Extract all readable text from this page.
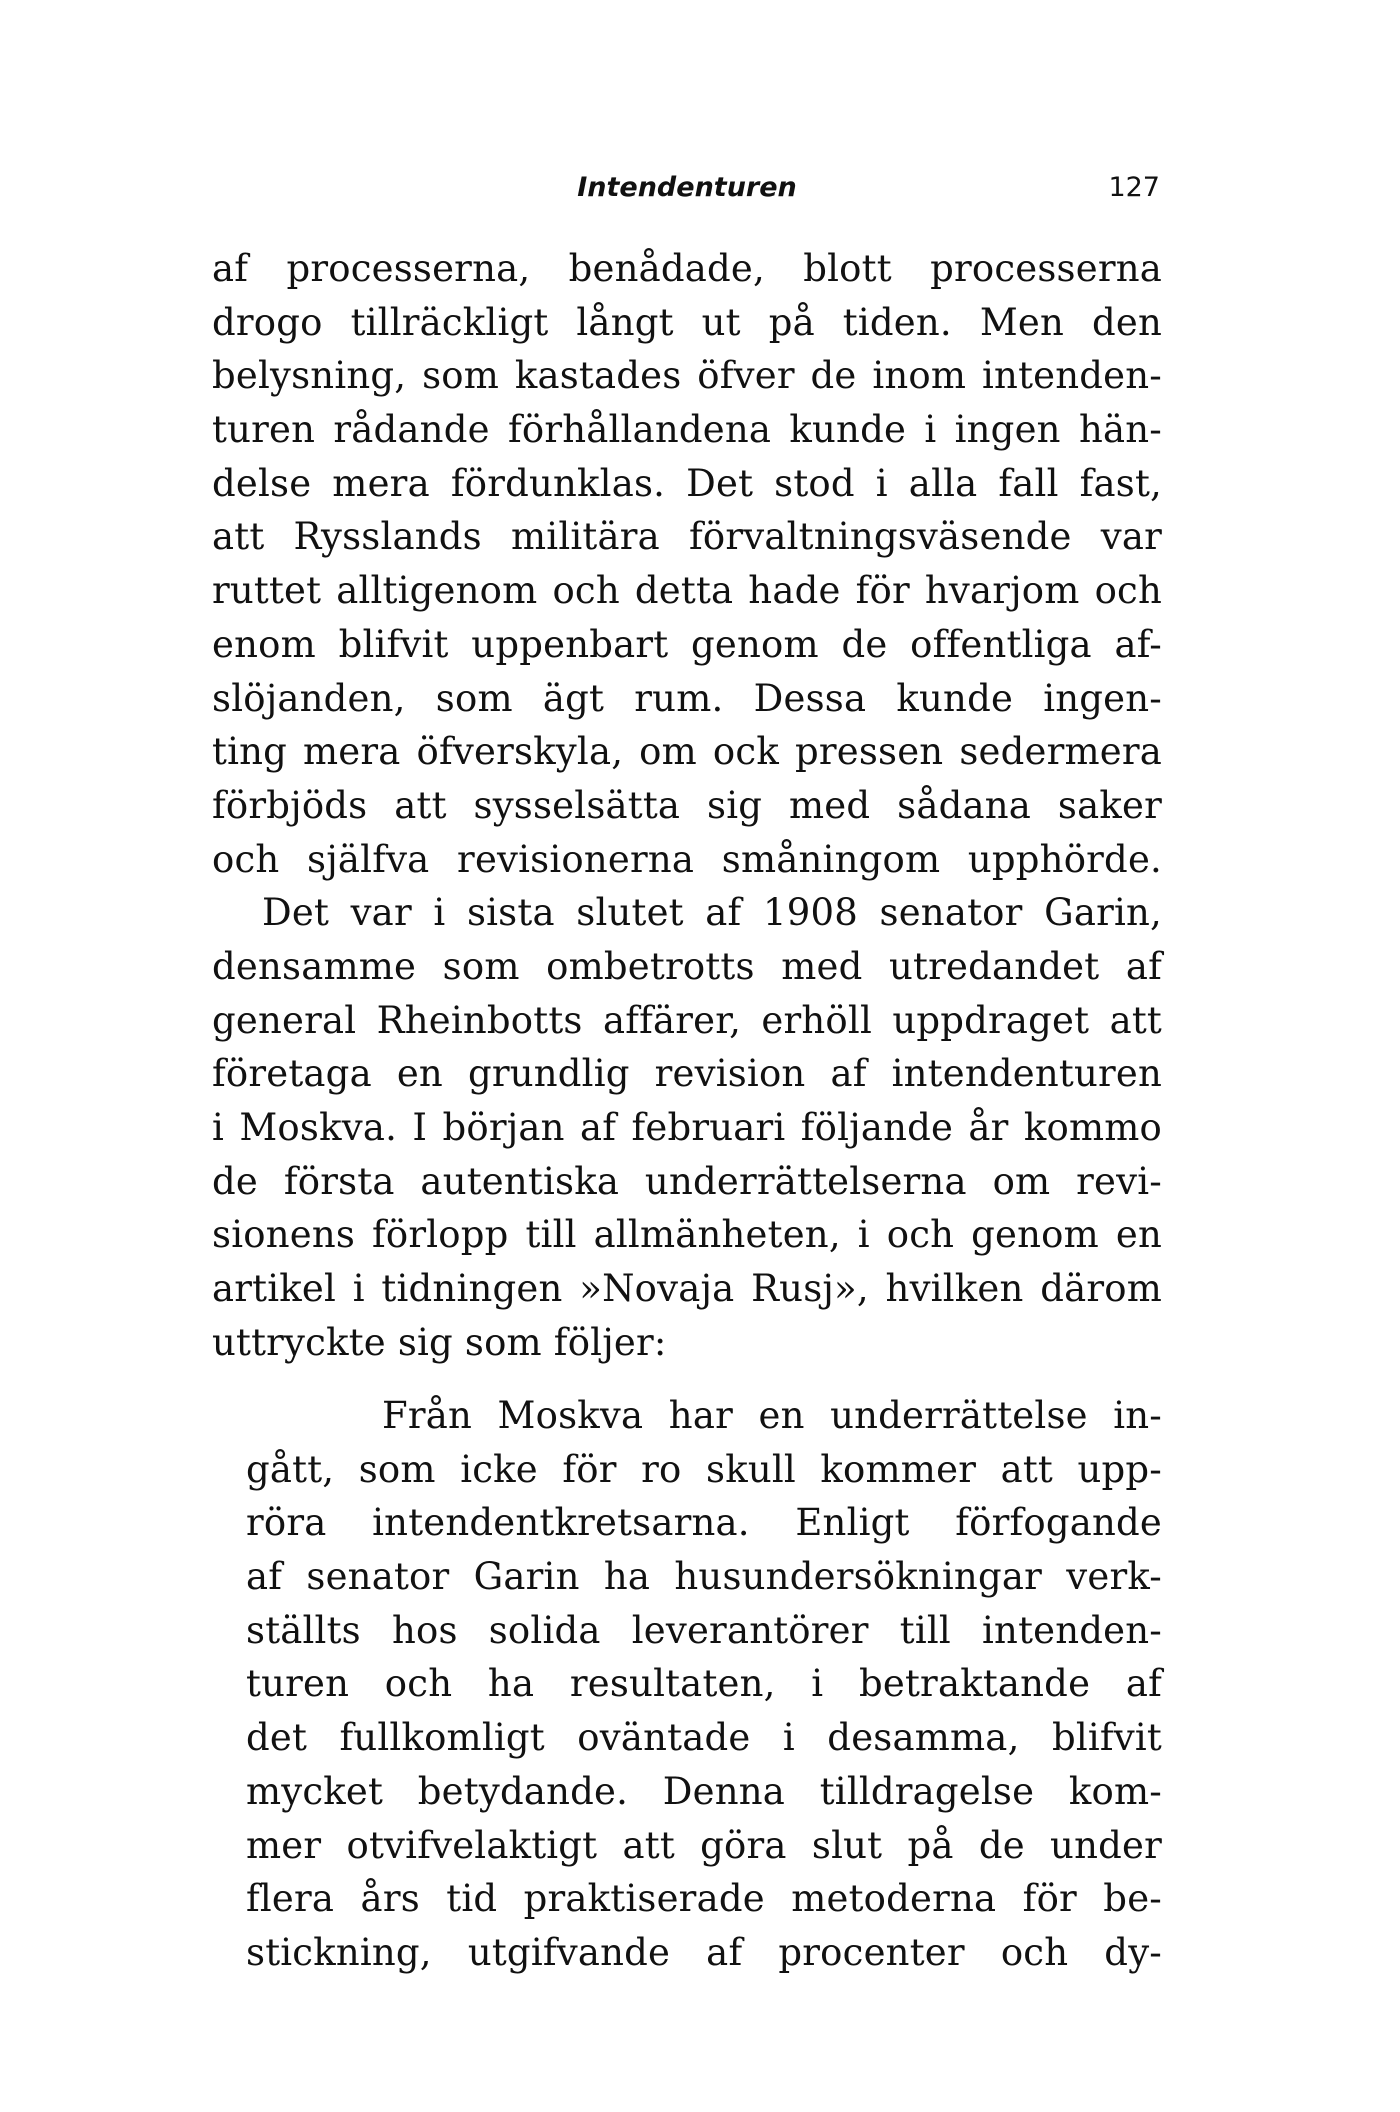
Intendenturen	127
af processerna, benådade, blott processerna
drogo tillräckligt långt ut på tiden. Men den
belysning, som kastades öfver de inom intenden-
turen rådande förhållandena kunde i ingen hän-
delse mera fördunklas. Det stod i alla fall fast,
att Rysslands militära förvaltningsväsende var
ruttet alltigenom och detta hade för hvarjom och
enom blifvit uppenbart genom de offentliga af-
slöjanden, som ägt rum. Dessa kunde ingen-
ting mera öfverskyla, om ock pressen sedermera
förbjöds att sysselsätta sig med sådana saker
och själfva revisionerna småningom upphörde.
Det var i sista slutet af 1908 senator Garin,
densamme som ombetrotts med utredandet af
general Rheinbotts affärer, erhöll uppdraget att
företaga en grundlig revision af intendenturen
i Moskva. I början af februari följande år kommo
de första autentiska underrättelserna om revi-
sionens förlopp till allmänheten, i och genom en
artikel i tidningen »Novaja Rusj», hvilken därom
uttryckte sig som följer:
Från Moskva har en underrättelse in-
gått, som icke för ro skull kommer att upp-
röra intendentkretsarna. Enligt förfogande
af senator Garin ha husundersökningar verk-
ställts hos solida leverantörer till intenden-
turen och ha resultaten, i betraktande af
det fullkomligt oväntade i desamma, blifvit
mycket betydande. Denna tilldragelse kom-
mer otvifvelaktigt att göra slut på de under
flera års tid praktiserade metoderna för be-
stickning, utgifvande af procenter och dy-
